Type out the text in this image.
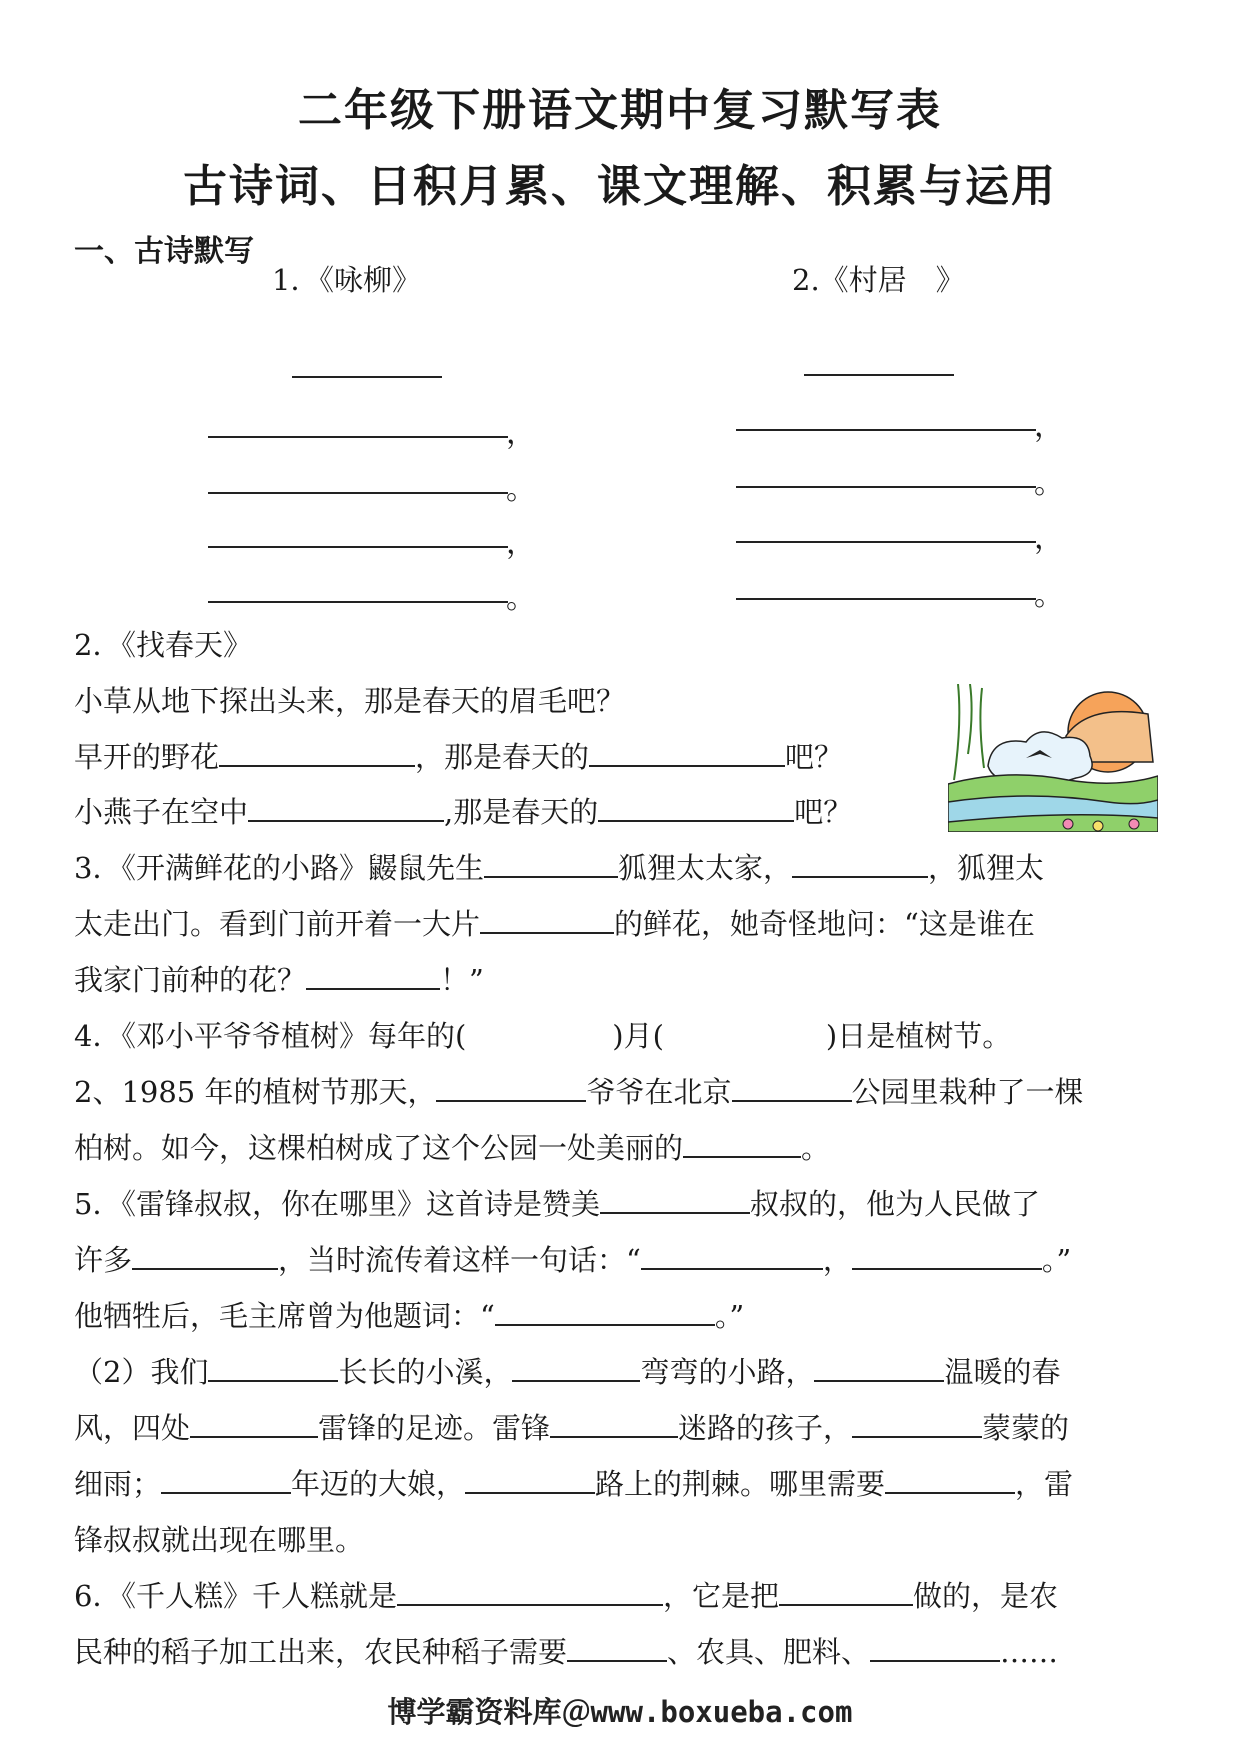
二年级下册语文期中复习默写表
古诗词、日积月累、课文理解、积累与运用
一、古诗默写
1．《咏柳》
，
。
，
。
2.《村居　》
，
。
，
。
2．《找春天》
小草从地下探出头来，那是春天的眉毛吧？
早开的野花	，那是春天的	吧？
小燕子在空中	,那是春天的	吧？
3．《开满鲜花的小路》鼹鼠先生	狐狸太太家，	，狐狸太
太走出门。看到门前开着一大片	的鲜花，她奇怪地问：“这是谁在
我家门前种的花？	！”
4．《邓小平爷爷植树》每年的(	)月(	)日是植树节。
2、1985 年的植树节那天，	爷爷在北京	公园里栽种了一棵
柏树。如今，这棵柏树成了这个公园一处美丽的	。
5．《雷锋叔叔，你在哪里》这首诗是赞美	叔叔的，他为人民做了
许多	，当时流传着这样一句话：“	，	。”
他牺牲后，毛主席曾为他题词：“	。”
（2）我们	长长的小溪，	弯弯的小路，	温暖的春
风，四处	雷锋的足迹。雷锋	迷路的孩子，	蒙蒙的
细雨；	年迈的大娘，	路上的荆棘。哪里需要	，雷
锋叔叔就出现在哪里。
6．《千人糕》千人糕就是	，它是把	做的，是农
民种的稻子加工出来，农民种稻子需要	、农具、肥料、	……
博学霸资料库＠www.boxueba.com
